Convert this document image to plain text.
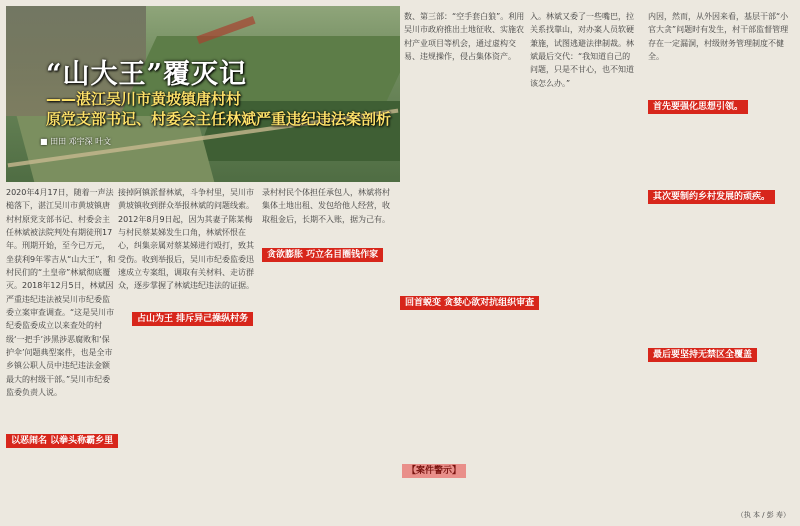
“山大王”覆灭记
——湛江吴川市黄坡镇唐村村
原党支部书记、村委会主任林斌严重违纪违法案剖析
■ 田田 邓宇深 叶文
2020年4月17日，随着一声法槌落下，湛江吴川市黄坡镇唐村村原党支部书记、村委会主任林斌被法院判处有期徒刑17年。刑期开始，至今已万元，坐获利9年零吉从“山大王”，和村民们的“土皇帝”林斌彻底覆灭。2018年12月5日，林斌因严重违纪违法被吴川市纪委监委立案审查调查。“这是吴川市纪委监委成立以来查处的村级‘一把手’涉黑涉恶腐败和‘保护伞’问题典型案件，也是全市乡镇公职人员中违纪违法金额最大的村级干部。”吴川市纪委监委负责人说。
接掉阿镇派督林斌，斗争村里，吴川市黄坡镇收到群众举报林斌的问题线索。2012年8月9日起，因为其妻子陈某梅与村民蔡某娣发生口角，林斌怀恨在心，纠集亲属对蔡某娣进行殴打，致其受伤。收到举报后，吴川市纪委监委迅速成立专案组，调取有关材料、走访群众，逐步掌握了林斌违纪违法的证据。
录村村民个体担任承包人，林斌将村集体土地出租、发包给他人经营，收取租金后，长期不入账，据为己有。
数、第三部：“空手套白狼”。利用吴川市政府推出土地征收、实施农村产业项目等机会，通过虚构交易、违规操作，侵占集体资产。
入。林斌又委了一些嘴巴，拉关系找靠山，对办案人员软硬兼施，试图逃避法律制裁。林斌最后交代：“我知道自己的问题，只是不甘心，也不知道该怎么办。”
内因，然而，从外因来看，基层干部“小官大贪”问题时有发生，村干部监督管理存在一定漏洞，村级财务管理制度不健全。
以恶闹名 以拳头称霸乡里
占山为王 排斥异己操纵村务
贪欲膨胀 巧立名目圈钱作家
回首蜕变 贪婪心欲对抗组织审查
【案件警示】
首先要强化思想引领。
其次要制约乡村发展的顽疾。
最后要坚持无禁区全覆盖
（执 本 / 彭 寿）
